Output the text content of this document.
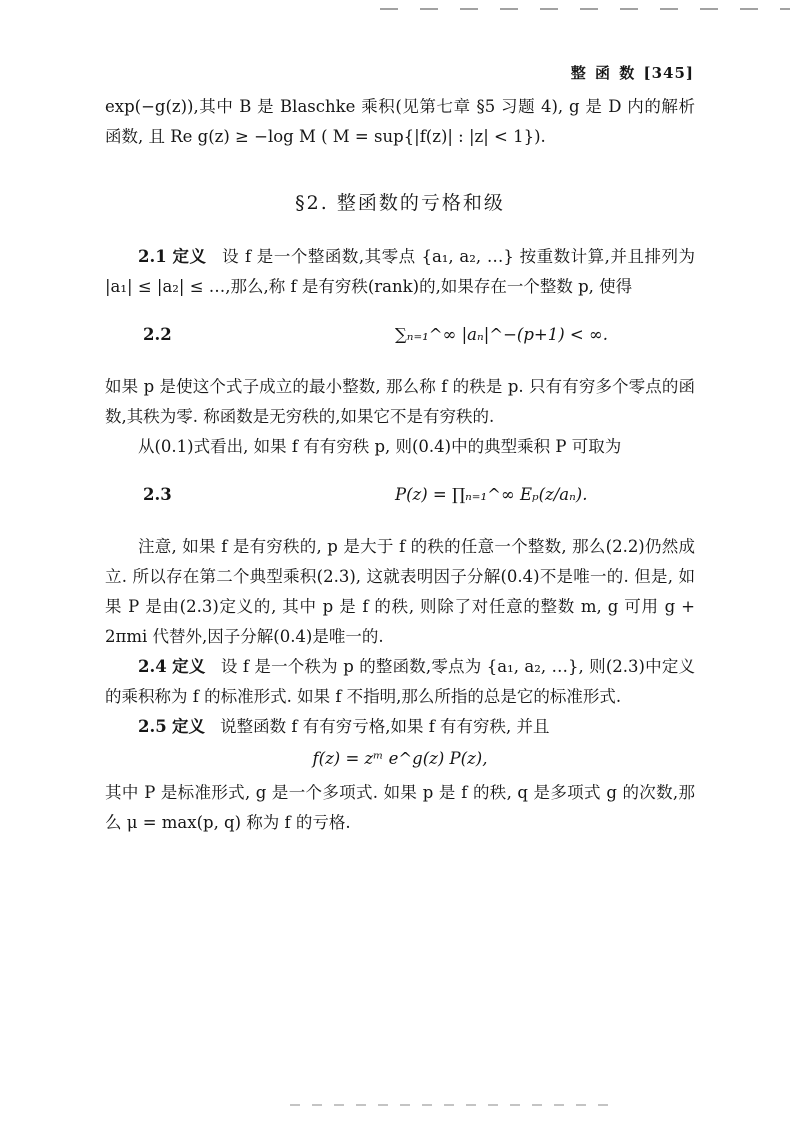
整 函 数 [345]

exp(−g(z)),其中 B 是 Blaschke 乘积(见第七章 §5 习题 4), g 是 D 内的解析函数, 且 Re g(z) ≥ −log M ( M = sup{|f(z)| : |z| < 1}).

§2. 整函数的亏格和级

2.1 定义 设 f 是一个整函数,其零点 {a₁, a₂, …} 按重数计算,并且排列为 |a₁| ≤ |a₂| ≤ …,那么,称 f 是有穷秩(rank)的,如果存在一个整数 p, 使得

2.2	∑ₙ₌₁^∞ |aₙ|^−(p+1) < ∞.

如果 p 是使这个式子成立的最小整数, 那么称 f 的秩是 p. 只有有穷多个零点的函数,其秩为零. 称函数是无穷秩的,如果它不是有穷秩的.

从(0.1)式看出, 如果 f 有有穷秩 p, 则(0.4)中的典型乘积 P 可取为

2.3	P(z) = ∏ₙ₌₁^∞ Eₚ(z/aₙ).

注意, 如果 f 是有穷秩的, p 是大于 f 的秩的任意一个整数, 那么(2.2)仍然成立. 所以存在第二个典型乘积(2.3), 这就表明因子分解(0.4)不是唯一的. 但是, 如果 P 是由(2.3)定义的, 其中 p 是 f 的秩, 则除了对任意的整数 m, g 可用 g + 2πmi 代替外,因子分解(0.4)是唯一的.

2.4 定义 设 f 是一个秩为 p 的整函数,零点为 {a₁, a₂, …}, 则(2.3)中定义的乘积称为 f 的标准形式. 如果 f 不指明,那么所指的总是它的标准形式.

2.5 定义 说整函数 f 有有穷亏格,如果 f 有有穷秩, 并且

f(z) = zᵐ e^g(z) P(z),

其中 P 是标准形式, g 是一个多项式. 如果 p 是 f 的秩, q 是多项式 g 的次数,那么 μ = max(p, q) 称为 f 的亏格.
